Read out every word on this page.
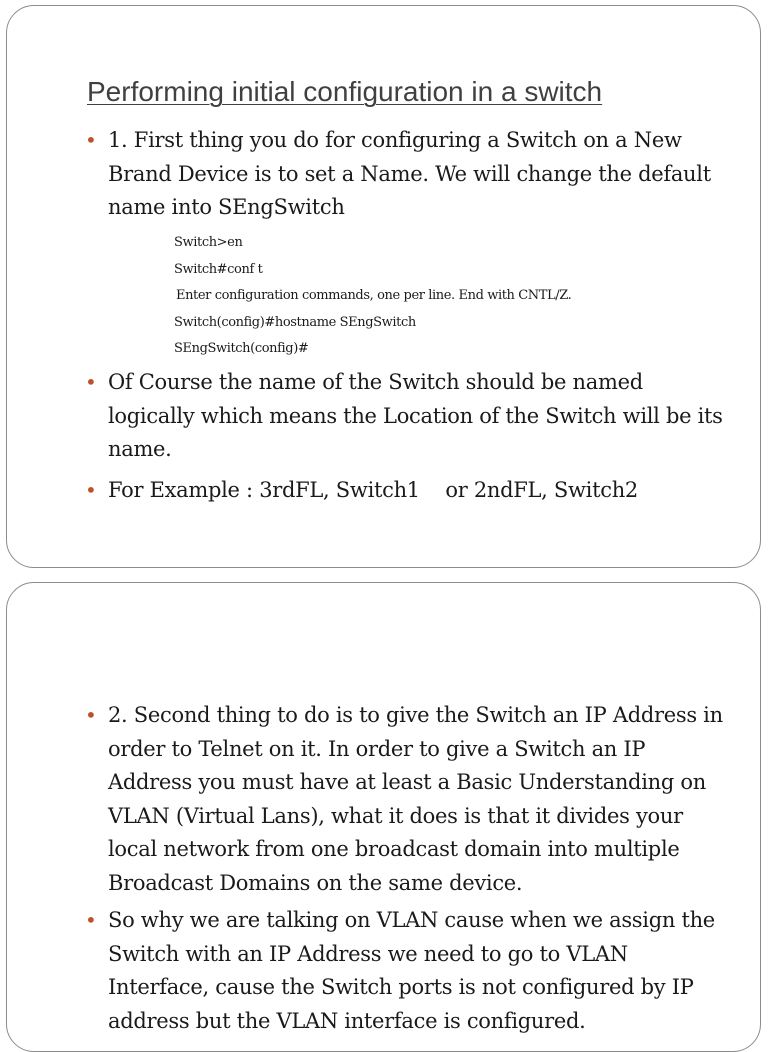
Performing initial configuration in a switch
• 1. First thing you do for configuring a Switch on a New Brand Device is to set a Name. We will change the default name into SEngSwitch
Switch>en
Switch#conf t
Enter configuration commands, one per line. End with CNTL/Z.
Switch(config)#hostname SEngSwitch
SEngSwitch(config)#
• Of Course the name of the Switch should be named logically which means the Location of the Switch will be its name.
• For Example : 3rdFL, Switch1    or 2ndFL, Switch2
• 2. Second thing to do is to give the Switch an IP Address in order to Telnet on it. In order to give a Switch an IP Address you must have at least a Basic Understanding on VLAN (Virtual Lans), what it does is that it divides your local network from one broadcast domain into multiple Broadcast Domains on the same device.
• So why we are talking on VLAN cause when we assign the Switch with an IP Address we need to go to VLAN Interface, cause the Switch ports is not configured by IP address but the VLAN interface is configured.
